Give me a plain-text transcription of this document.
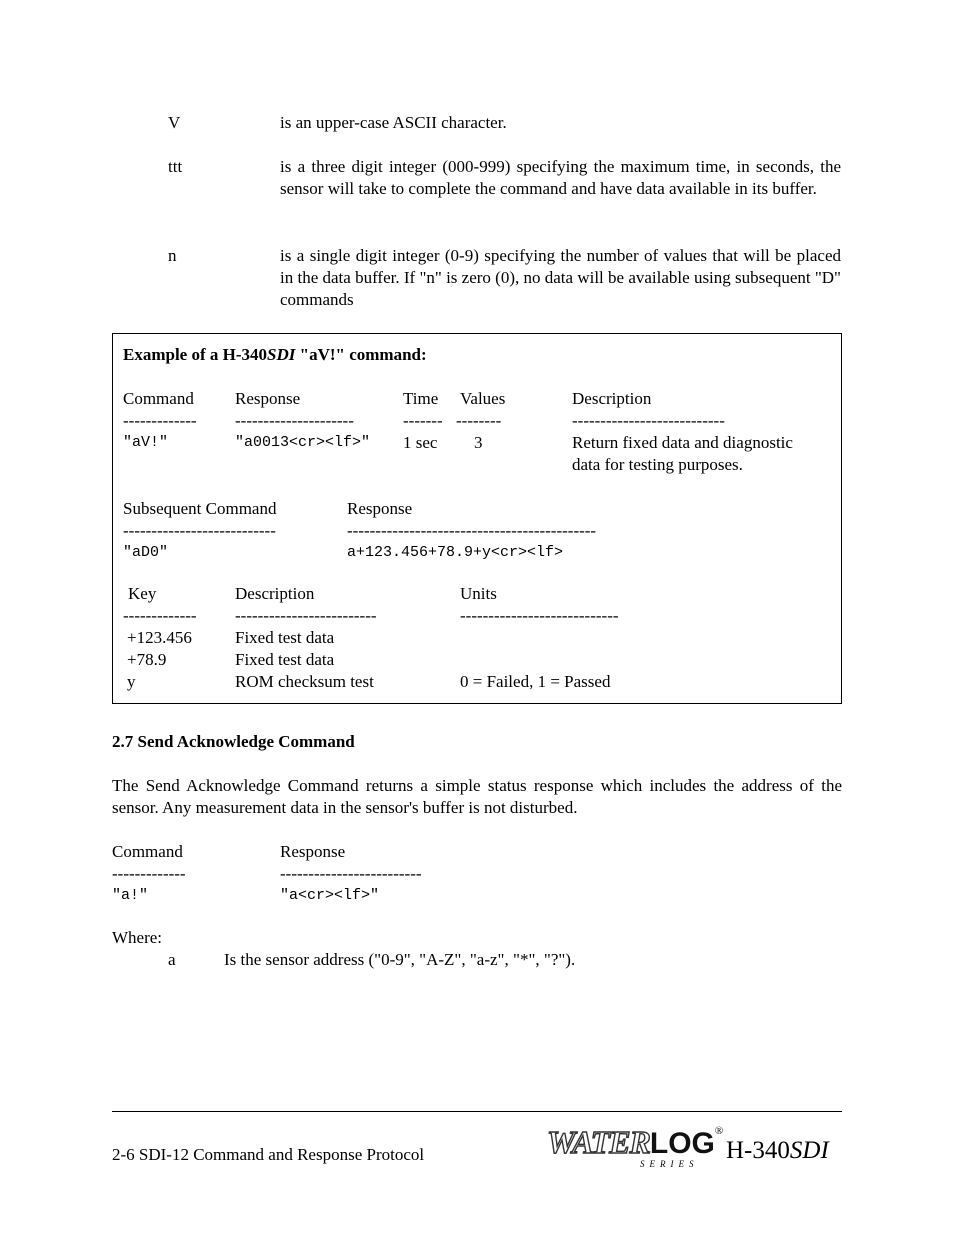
V	is an upper-case ASCII character.
ttt	is a three digit integer (000-999) specifying the maximum time, in seconds, the sensor will take to complete the command and have data available in its buffer.
n	is a single digit integer (0-9) specifying the number of values that will be placed in the data buffer. If "n" is zero (0), no data will be available using subsequent "D" commands
Example of a H-340SDI "aV!" command:
Command Response	Time Values	Description
------------- ---------------------	------- --------	---------------------------
"aV!"	"a0013<cr><lf>" 1 sec 3	Return fixed data and diagnostic
data for testing purposes.
Subsequent Command	Response
---------------------------	--------------------------------------------
"aD0"	a+123.456+78.9+y<cr><lf>
Key	Description	Units
------------- -------------------------	----------------------------
+123.456	Fixed test data
+78.9	Fixed test data
y	ROM checksum test	0 = Failed, 1 = Passed
2.7 Send Acknowledge Command
The Send Acknowledge Command returns a simple status response which includes the address of the sensor. Any measurement data in the sensor's buffer is not disturbed.
Command	Response
-------------	-------------------------
"a!"	"a<cr><lf>"
Where:
a	Is the sensor address ("0-9", "A-Z", "a-z", "*", "?").
2-6 SDI-12 Command and Response Protocol	WATERLOG®
SERIES H-340SDI
